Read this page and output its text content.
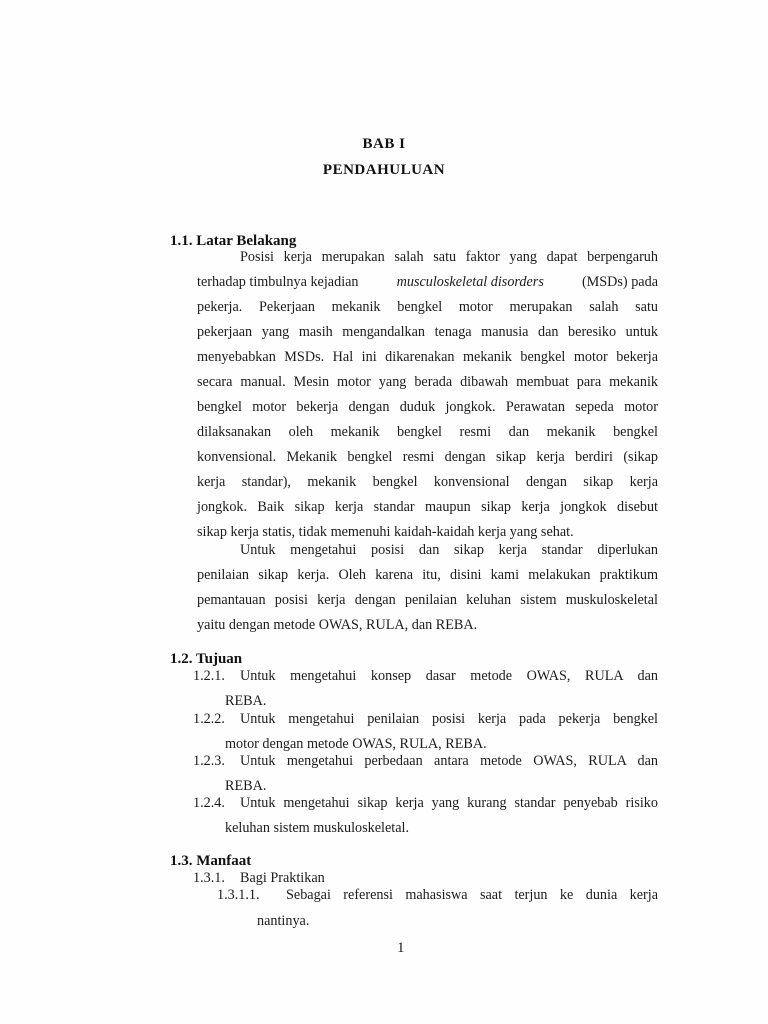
BAB I
PENDAHULUAN
1.1. Latar Belakang
Posisi kerja merupakan salah satu faktor yang dapat berpengaruh
terhadap timbulnya kejadian	musculoskeletal disorders	(MSDs) pada
pekerja. Pekerjaan mekanik bengkel motor merupakan salah satu
pekerjaan yang masih mengandalkan tenaga manusia dan beresiko untuk
menyebabkan MSDs. Hal ini dikarenakan mekanik bengkel motor bekerja
secara manual. Mesin motor yang berada dibawah membuat para mekanik
bengkel motor bekerja dengan duduk jongkok. Perawatan sepeda motor
dilaksanakan oleh mekanik bengkel resmi dan mekanik bengkel
konvensional. Mekanik bengkel resmi dengan sikap kerja berdiri (sikap
kerja standar), mekanik bengkel konvensional dengan sikap kerja
jongkok. Baik sikap kerja standar maupun sikap kerja jongkok disebut
sikap kerja statis, tidak memenuhi kaidah-kaidah kerja yang sehat.
Untuk mengetahui posisi dan sikap kerja standar diperlukan
penilaian sikap kerja. Oleh karena itu, disini kami melakukan praktikum
pemantauan posisi kerja dengan penilaian keluhan sistem muskuloskeletal
yaitu dengan metode OWAS, RULA, dan REBA.
1.2. Tujuan
1.2.1. Untuk mengetahui konsep dasar metode OWAS, RULA dan
REBA.
1.2.2. Untuk mengetahui penilaian posisi kerja pada pekerja bengkel
motor dengan metode OWAS, RULA, REBA.
1.2.3. Untuk mengetahui perbedaan antara metode OWAS, RULA dan
REBA.
1.2.4. Untuk mengetahui sikap kerja yang kurang standar penyebab risiko
keluhan sistem muskuloskeletal.
1.3. Manfaat
1.3.1. Bagi Praktikan
1.3.1.1. Sebagai referensi mahasiswa saat terjun ke dunia kerja
nantinya.
1
